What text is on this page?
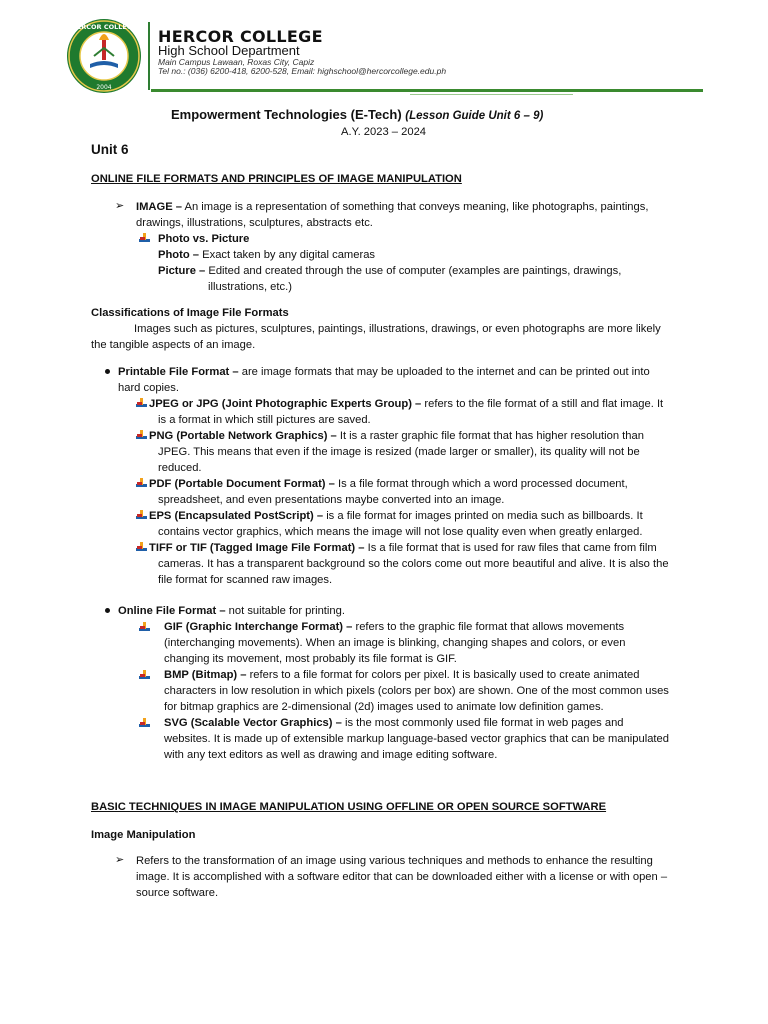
HERCOR COLLEGE
2004
HERCOR COLLEGE
High School Department
Main Campus Lawaan, Roxas City, Capiz
Tel no.: (036) 6200-418, 6200-528, Email: highschool@hercorcollege.edu.ph
Empowerment Technologies (E-Tech) (Lesson Guide Unit 6 – 9)
A.Y. 2023 – 2024
Unit 6
ONLINE FILE FORMATS AND PRINCIPLES OF IMAGE MANIPULATION
➢ IMAGE – An image is a representation of something that conveys meaning, like photographs, paintings,
drawings, illustrations, sculptures, abstracts etc.
Photo vs. Picture
Photo – Exact taken by any digital cameras
Picture – Edited and created through the use of computer (examples are paintings, drawings,
illustrations, etc.)
Classifications of Image File Formats
Images such as pictures, sculptures, paintings, illustrations, drawings, or even photographs are more likely
the tangible aspects of an image.
Printable File Format – are image formats that may be uploaded to the internet and can be printed out into
hard copies.
JPEG or JPG (Joint Photographic Experts Group) – refers to the file format of a still and flat image. It
is a format in which still pictures are saved.
PNG (Portable Network Graphics) – It is a raster graphic file format that has higher resolution than
JPEG. This means that even if the image is resized (made larger or smaller), its quality will not be
reduced.
PDF (Portable Document Format) – Is a file format through which a word processed document,
spreadsheet, and even presentations maybe converted into an image.
EPS (Encapsulated PostScript) – is a file format for images printed on media such as billboards. It
contains vector graphics, which means the image will not lose quality even when greatly enlarged.
TIFF or TIF (Tagged Image File Format) – Is a file format that is used for raw files that came from film
cameras. It has a transparent background so the colors come out more beautiful and alive. It is also the
file format for scanned raw images.
Online File Format – not suitable for printing.
GIF (Graphic Interchange Format) – refers to the graphic file format that allows movements
(interchanging movements). When an image is blinking, changing shapes and colors, or even
changing its movement, most probably its file format is GIF.
BMP (Bitmap) – refers to a file format for colors per pixel. It is basically used to create animated
characters in low resolution in which pixels (colors per box) are shown. One of the most common uses
for bitmap graphics are 2-dimensional (2d) images used to animate low definition games.
SVG (Scalable Vector Graphics) – is the most commonly used file format in web pages and
websites. It is made up of extensible markup language-based vector graphics that can be manipulated
with any text editors as well as drawing and image editing software.
BASIC TECHNIQUES IN IMAGE MANIPULATION USING OFFLINE OR OPEN SOURCE SOFTWARE
Image Manipulation
➢ Refers to the transformation of an image using various techniques and methods to enhance the resulting
image. It is accomplished with a software editor that can be downloaded either with a license or with open –
source software.
